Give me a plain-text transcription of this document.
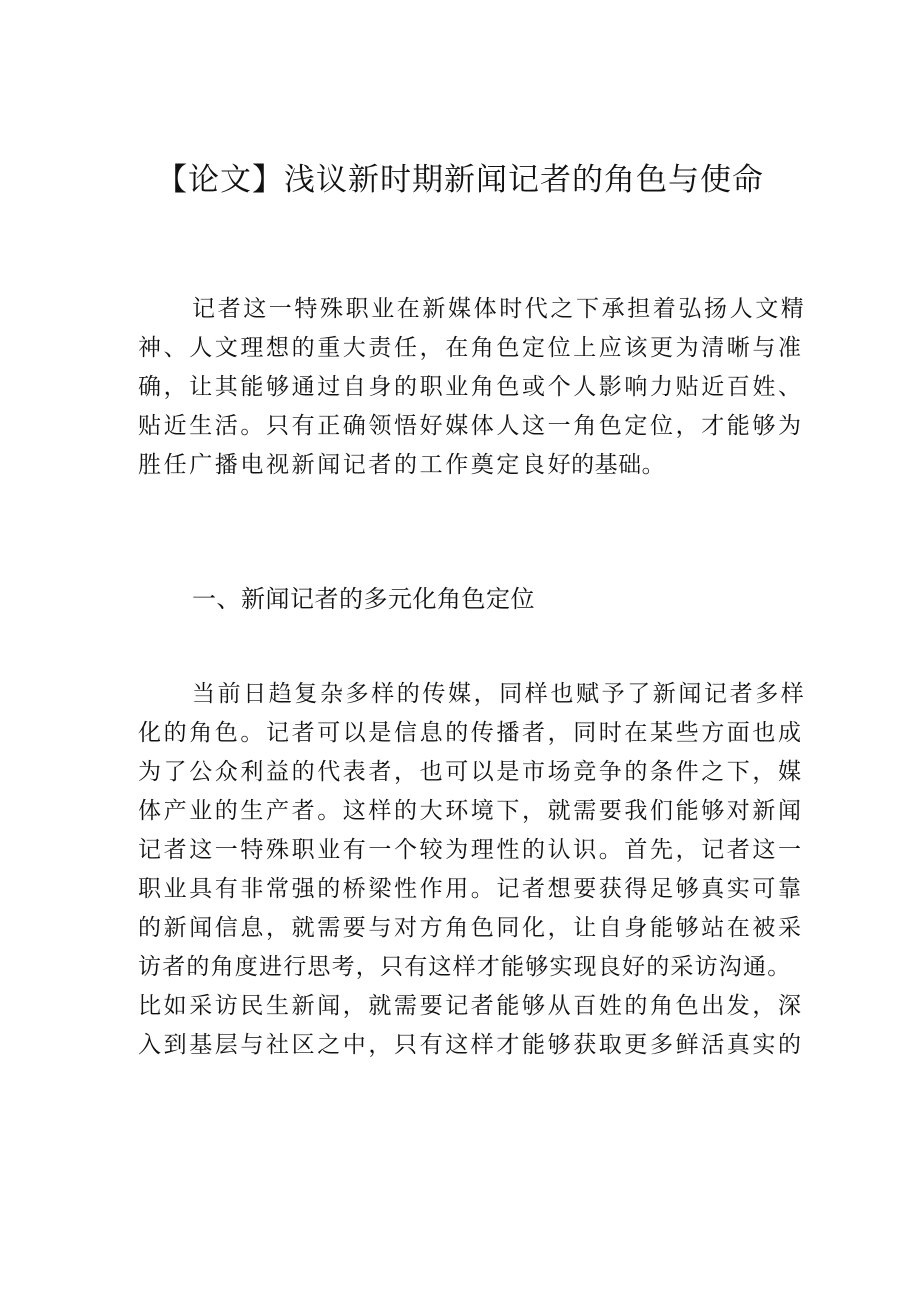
【论文】浅议新时期新闻记者的角色与使命

记者这一特殊职业在新媒体时代之下承担着弘扬人文精
神、人文理想的重大责任，在角色定位上应该更为清晰与准
确，让其能够通过自身的职业角色或个人影响力贴近百姓、
贴近生活。只有正确领悟好媒体人这一角色定位，才能够为
胜任广播电视新闻记者的工作奠定良好的基础。

一、新闻记者的多元化角色定位

当前日趋复杂多样的传媒，同样也赋予了新闻记者多样
化的角色。记者可以是信息的传播者，同时在某些方面也成
为了公众利益的代表者，也可以是市场竞争的条件之下，媒
体产业的生产者。这样的大环境下，就需要我们能够对新闻
记者这一特殊职业有一个较为理性的认识。首先，记者这一
职业具有非常强的桥梁性作用。记者想要获得足够真实可靠
的新闻信息，就需要与对方角色同化，让自身能够站在被采
访者的角度进行思考，只有这样才能够实现良好的采访沟通。
比如采访民生新闻，就需要记者能够从百姓的角色出发，深
入到基层与社区之中，只有这样才能够获取更多鲜活真实的
